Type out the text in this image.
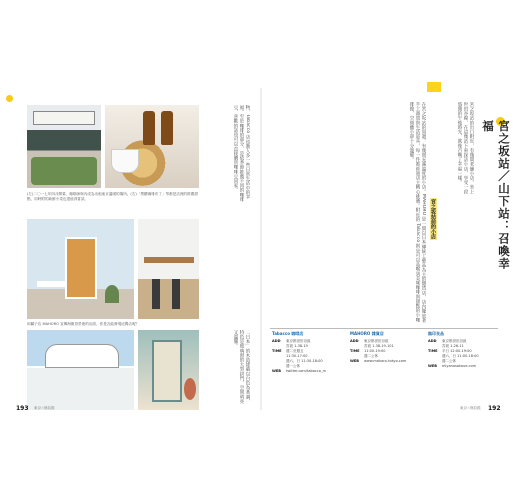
物，Tabacco 店也教人多一些日常生活中的幸福。至於咖啡的部分，是依季節推薦不同的咖啡豆，喜歡的話也可以直接購買咖啡豆回家。
(左)二〇一七年四月開幕，咖啡師與內成為出租東京溫暖的場所。(右)「黑糖咖啡布丁」等都是店裡的推薦甜點，同時附的新鮮小菜也很值得嘗試。
和屬子店 MAHORO 宣傳海報背景裡的店面，你是否能發現這間店呢？
「日本」的木造建築以白色為基調，特色是玻璃窗的大型拱門，空間明亮又溫馨。
193 東京☆無負擔
宮之坂站／山下站：召喚幸福
宮之坂站的出口附近，有幾間老舗小店。坐上世田谷線，在這幾站下車探訪小店，享受一段悠閒的午後時光，就像召喚了幸福一樣。
宮之坂站前的小店
在宮之坂站的周邊，有幾間充滿溫度的小店。MAHORO 是一間以日本傳統工藝品為主的雜貨店，店內擺放著手工器皿與生活道具，每一件都經過店主精心挑選。附近的 Tabacco 則是可以品嚐到美味咖啡與甜點的小咖啡館，空間雖小卻十分溫暖。
無印良品
ADD 東京都世田谷區
宮坂 1-26-11
TIME 平日 12:00-19:00
週六、日 11:00-18:00
週二公休
WEB miyanosakaue.com
MAHORO 雜貨店
ADD 東京都世田谷區
宮坂 1-38-19-101
TIME 11:00-19:00
週二公休
WEB www.mahoro-tokyo.com
Tabacco 咖啡店
ADD 東京都世田谷區
宮坂 1-38-19
TIME 週二至週五
11:30-17:00
週六、日 11:30-18:00
週一公休
WEB twitter.com/tabacco_m
東京☆無負擔 192
